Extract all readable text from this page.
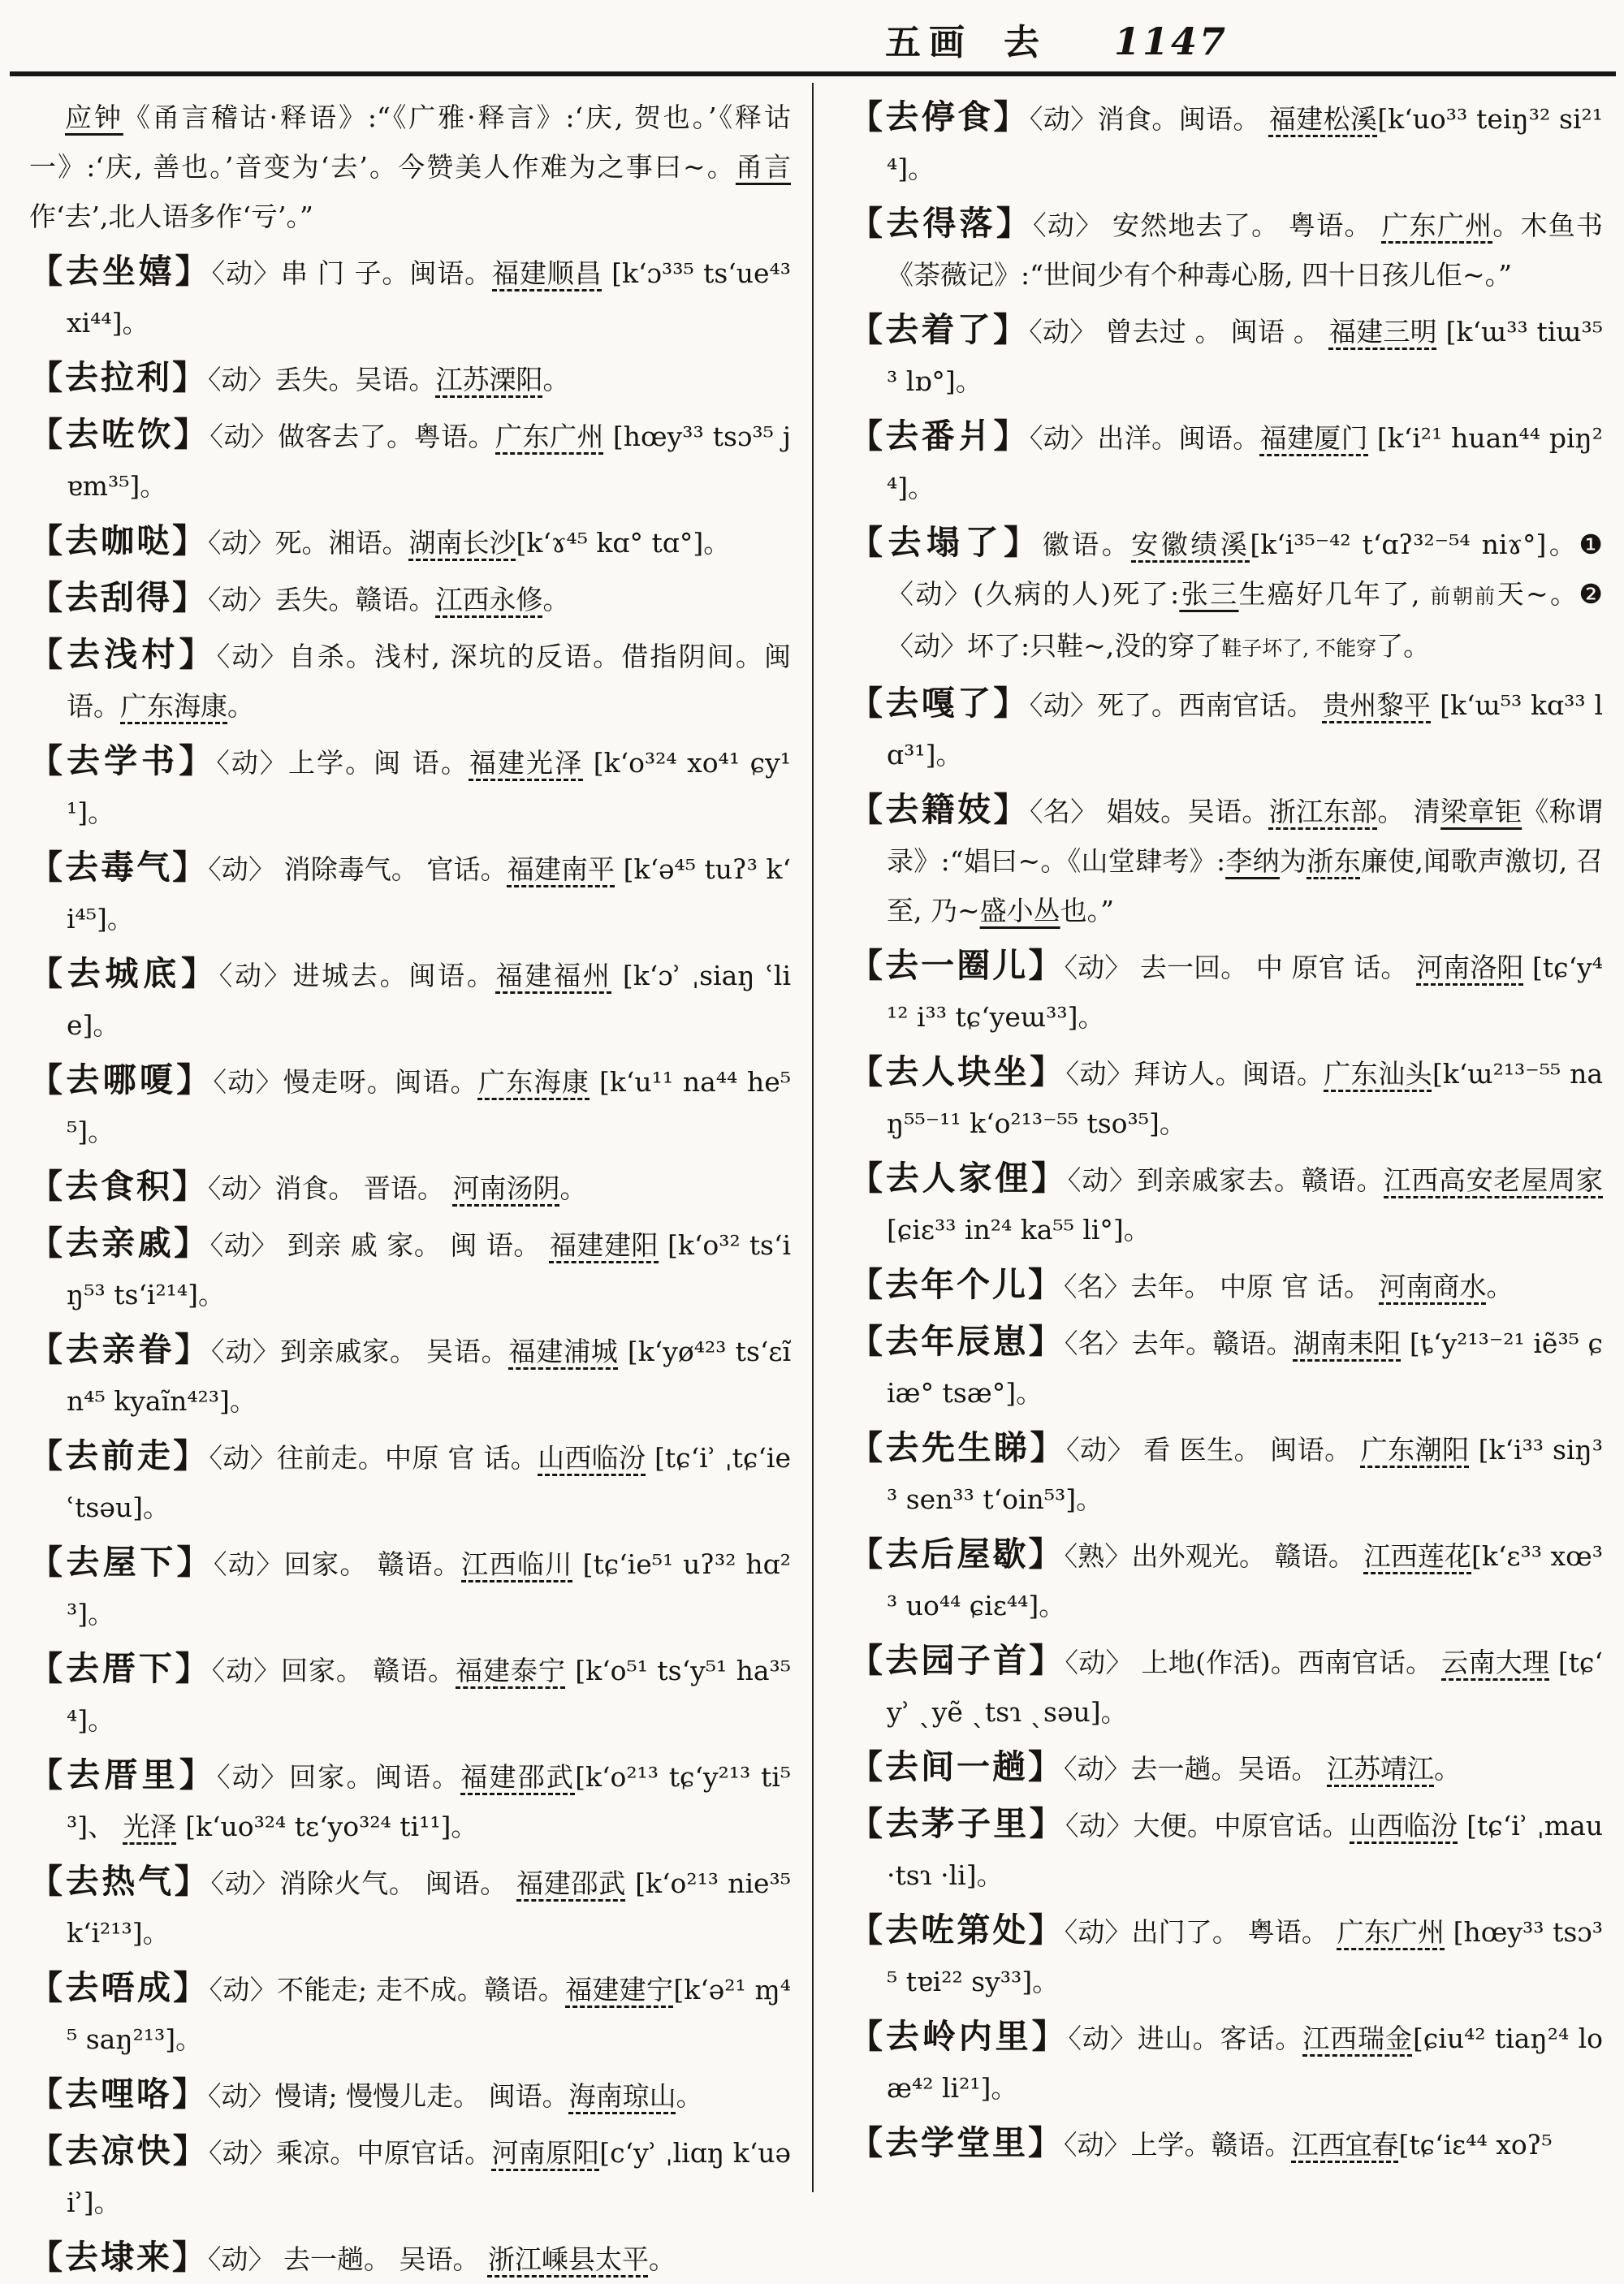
五画 去 1147

应钟《甬言稽诂·释语》:“《广雅·释言》:‘庆, 贺也。’《释诂一》:‘庆, 善也。’音变为‘去’。今赞美人作难为之事曰~。甬言作‘去’,北人语多作‘亏’。”

【去坐嬉】〈动〉串 门 子。闽语。福建顺昌 [kʻɔ³³⁵ tsʻue⁴³ xi⁴⁴]。

【去拉利】〈动〉丢失。吴语。江苏溧阳。

【去咗饮】〈动〉做客去了。粤语。广东广州 [hœy³³ tsɔ³⁵ jɐm³⁵]。

【去咖哒】〈动〉死。湘语。湖南长沙[kʻɤ⁴⁵ kɑ° tɑ°]。

【去刮得】〈动〉丢失。赣语。江西永修。

【去浅村】〈动〉自杀。浅村, 深坑的反语。借指阴间。闽语。广东海康。

【去学书】〈动〉上学。闽 语。福建光泽 [kʻo³²⁴ xo⁴¹ ɕy¹¹]。

【去毒气】〈动〉 消除毒气。 官话。福建南平 [kʻə⁴⁵ tuʔ³ kʻi⁴⁵]。

【去城底】〈动〉进城去。闽语。福建福州 [kʻɔʾ ˌsiaŋ ʿlie]。

【去哪嗄】〈动〉慢走呀。闽语。广东海康 [kʻu¹¹ na⁴⁴ he⁵⁵]。

【去食积】〈动〉消食。 晋语。 河南汤阴。

【去亲戚】〈动〉 到亲 戚 家。 闽 语。 福建建阳 [kʻo³² tsʻiŋ⁵³ tsʻi²¹⁴]。

【去亲眷】〈动〉到亲戚家。 吴语。福建浦城 [kʻyø⁴²³ tsʻɛĩn⁴⁵ kyaĩn⁴²³]。

【去前走】〈动〉往前走。中原 官 话。山西临汾 [tɕʻiʾ ˌtɕʻie ʿtsəu]。

【去屋下】〈动〉回家。 赣语。江西临川 [tɕʻie⁵¹ uʔ³² hɑ²³]。

【去厝下】〈动〉回家。 赣语。福建泰宁 [kʻo⁵¹ tsʻy⁵¹ ha³⁵⁴]。

【去厝里】〈动〉回家。闽语。福建邵武[kʻo²¹³ tɕʻy²¹³ ti⁵³]、 光泽 [kʻuo³²⁴ tɛʻyo³²⁴ ti¹¹]。

【去热气】〈动〉消除火气。 闽语。 福建邵武 [kʻo²¹³ nie³⁵ kʻi²¹³]。

【去唔成】〈动〉不能走; 走不成。赣语。福建建宁[kʻə²¹ ɱ⁴⁵ saŋ²¹³]。

【去哩咯】〈动〉慢请; 慢慢儿走。 闽语。海南琼山。

【去凉快】〈动〉乘凉。中原官话。河南原阳[cʻyʾ ˌliɑŋ kʻuəiʾ]。

【去埭来】〈动〉 去一趟。 吴语。 浙江嵊县太平。

【去停食】〈动〉消食。闽语。 福建松溪[kʻuo³³ teiŋ³² si²¹⁴]。

【去得落】〈动〉 安然地去了。 粤语。 广东广州。木鱼书《荼薇记》:“世间少有个种毒心肠, 四十日孩儿佢~。”

【去着了】〈动〉 曾去过 。 闽语 。 福建三明 [kʻɯ³³ tiɯ³⁵³ lɒ°]。

【去番爿】〈动〉出洋。闽语。福建厦门 [kʻi²¹ huan⁴⁴ piŋ²⁴]。

【去塌了】徽语。安徽绩溪[kʻi³⁵⁻⁴² tʻɑʔ³²⁻⁵⁴ niɤ°]。❶〈动〉(久病的人)死了:张三生癌好几年了, 前朝前天~。❷〈动〉坏了:只鞋~,没的穿了鞋子坏了, 不能穿了。

【去嘎了】〈动〉死了。西南官话。 贵州黎平 [kʻɯ⁵³ kɑ³³ lɑ³¹]。

【去籍妓】〈名〉 娼妓。吴语。浙江东部。 清梁章钜《称谓录》:“娼曰~。《山堂肆考》:李纳为浙东廉使,闻歌声激切, 召至, 乃~盛小丛也。”

【去一圈儿】〈动〉 去一回。 中 原官 话。 河南洛阳 [tɕʻy⁴¹² i³³ tɕʻyeɯ³³]。

【去人块坐】〈动〉拜访人。闽语。广东汕头[kʻɯ²¹³⁻⁵⁵ naŋ⁵⁵⁻¹¹ kʻo²¹³⁻⁵⁵ tso³⁵]。

【去人家俚】〈动〉到亲戚家去。赣语。江西高安老屋周家 [ɕiɛ³³ in²⁴ ka⁵⁵ li°]。

【去年个儿】〈名〉去年。 中原 官 话。 河南商水。

【去年辰崽】〈名〉去年。赣语。湖南耒阳 [ȶʻy²¹³⁻²¹ iẽ³⁵ ɕiæ° tsæ°]。

【去先生睇】〈动〉 看 医生。 闽语。 广东潮阳 [kʻi³³ siŋ³³ sen³³ tʻoin⁵³]。

【去后屋歇】〈熟〉出外观光。 赣语。 江西莲花[kʻɛ³³ xœ³³ uo⁴⁴ ɕiɛ⁴⁴]。

【去园子首】〈动〉 上地(作活)。西南官话。 云南大理 [tɕʻyʾ ˎyẽ ˎtsɿ ˎsəu]。

【去间一趟】〈动〉去一趟。吴语。 江苏靖江。

【去茅子里】〈动〉大便。中原官话。山西临汾 [tɕʻiʾ ˌmau ·tsɿ ·li]。

【去咗第处】〈动〉出门了。 粤语。 广东广州 [hœy³³ tsɔ³⁵ tɐi²² sy³³]。

【去岭内里】〈动〉进山。客话。江西瑞金[ɕiu⁴² tiaŋ²⁴ loæ⁴² li²¹]。

【去学堂里】〈动〉上学。赣语。江西宜春[tɕʻiɛ⁴⁴ xoʔ⁵
